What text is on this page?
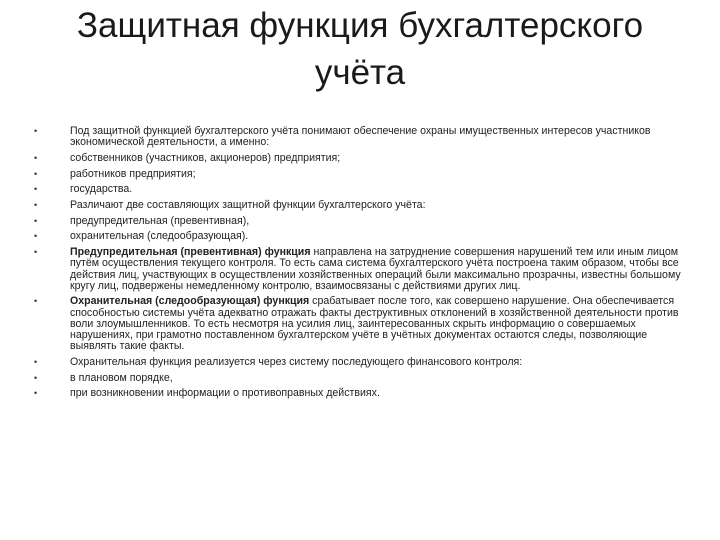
Защитная функция бухгалтерского учёта
•	Под защитной функцией бухгалтерского учёта понимают обеспечение охраны имущественных интересов участников экономической деятельности, а именно:
•	собственников (участников, акционеров) предприятия;
•	работников предприятия;
•	государства.
•	Различают две составляющих защитной функции бухгалтерского учёта:
•	предупредительная (превентивная),
•	охранительная (следообразующая).
•	Предупредительная (превентивная) функция направлена на затруднение совершения нарушений тем или иным лицом путём осуществления текущего контроля. То есть сама система бухгалтерского учёта построена таким образом, чтобы все действия лиц, участвующих в осуществлении хозяйственных операций были максимально прозрачны, известны большому кругу лиц, подвержены немедленному контролю, взаимосвязаны с действиями других лиц.
•	Охранительная (следообразующая) функция срабатывает после того, как совершено нарушение. Она обеспечивается способностью системы учёта адекватно отражать факты деструктивных отклонений в хозяйственной деятельности против воли злоумышленников. То есть несмотря на усилия лиц, заинтересованных скрыть информацию о совершаемых нарушениях, при грамотно поставленном бухгалтерском учёте в учётных документах остаются следы, позволяющие выявлять такие факты.
•	Охранительная функция реализуется через систему последующего финансового контроля:
•	в плановом порядке,
•	при возникновении информации о противоправных действиях.
